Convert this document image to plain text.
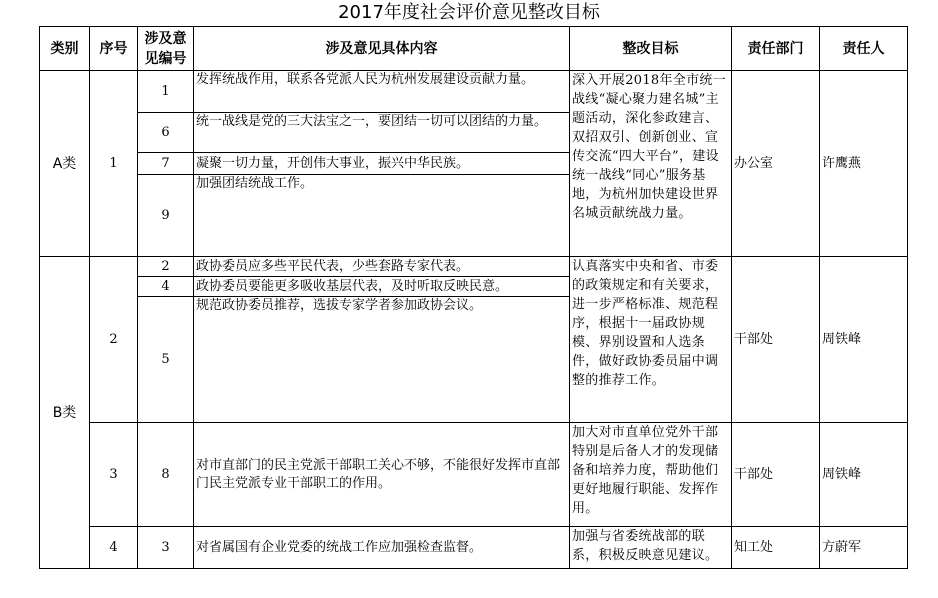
2017年度社会评价意见整改目标
类别	序号	涉及意见编号	涉及意见具体内容	整改目标	责任部门	责任人
A类	1	1	发挥统战作用，联系各党派人民为杭州发展建设贡献力量。	深入开展2018年全市统一战线“凝心聚力建名城”主题活动，深化参政建言、双招双引、创新创业、宣传交流“四大平台”，建设统一战线“同心”服务基地，为杭州加快建设世界名城贡献统战力量。	办公室	许鹰燕
		6	统一战线是党的三大法宝之一，要团结一切可以团结的力量。			
		7	凝聚一切力量，开创伟大事业，振兴中华民族。			
		9	加强团结统战工作。			
B类	2	2	政协委员应多些平民代表，少些套路专家代表。	认真落实中央和省、市委的政策规定和有关要求，进一步严格标准、规范程序，根据十一届政协规模、界别设置和人选条件，做好政协委员届中调整的推荐工作。	干部处	周铁峰
		4	政协委员要能更多吸收基层代表，及时听取反映民意。			
		5	规范政协委员推荐，选拔专家学者参加政协会议。			
	3	8	对市直部门的民主党派干部职工关心不够，不能很好发挥市直部门民主党派专业干部职工的作用。	加大对市直单位党外干部特别是后备人才的发现储备和培养力度，帮助他们更好地履行职能、发挥作用。	干部处	周铁峰
	4	3	对省属国有企业党委的统战工作应加强检查监督。	加强与省委统战部的联系，积极反映意见建议。	知工处	方蔚军
